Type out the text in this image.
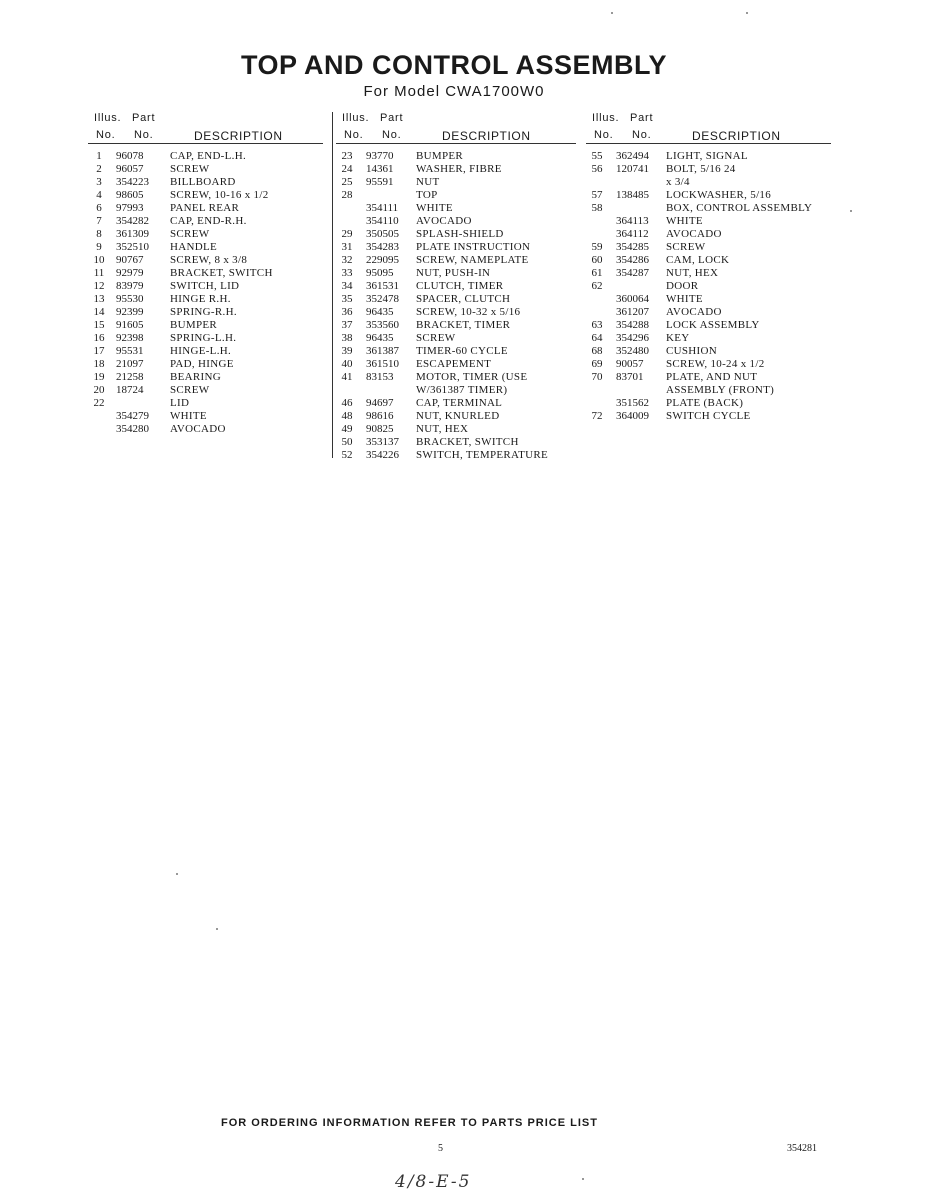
TOP AND CONTROL ASSEMBLY
For Model CWA1700W0
Illus. Part
No. No.	DESCRIPTION
1	96078 CAP, END-L.H.
2	96057 SCREW
3	354223 BILLBOARD
4	98605 SCREW, 10-16 x 1/2
6	97993 PANEL REAR
7	354282 CAP, END-R.H.
8	361309 SCREW
9	352510 HANDLE
10	90767 SCREW, 8 x 3/8
11	92979 BRACKET, SWITCH
12	83979 SWITCH, LID
13	95530 HINGE R.H.
14	92399 SPRING-R.H.
15	91605 BUMPER
16	92398 SPRING-L.H.
17	95531 HINGE-L.H.
18	21097 PAD, HINGE
19	21258 BEARING
20	18724 SCREW
22	LID
354279 WHITE
354280 AVOCADO
Illus. Part
No. No.	DESCRIPTION
23	93770 BUMPER
24	14361 WASHER, FIBRE
25	95591 NUT
28	TOP
354111 WHITE
354110 AVOCADO
29	350505 SPLASH-SHIELD
31	354283 PLATE INSTRUCTION
32	229095 SCREW, NAMEPLATE
33	95095 NUT, PUSH-IN
34	361531 CLUTCH, TIMER
35	352478 SPACER, CLUTCH
36	96435 SCREW, 10-32 x 5/16
37	353560 BRACKET, TIMER
38	96435 SCREW
39	361387 TIMER-60 CYCLE
40	361510 ESCAPEMENT
41	83153 MOTOR, TIMER (USE
W/361387 TIMER)
46	94697 CAP, TERMINAL
48	98616 NUT, KNURLED
49	90825 NUT, HEX
50	353137 BRACKET, SWITCH
52	354226 SWITCH, TEMPERATURE
Illus. Part
No. No.	DESCRIPTION
55	362494 LIGHT, SIGNAL
56	120741 BOLT, 5/16 24
x 3/4
57	138485 LOCKWASHER, 5/16
58	BOX, CONTROL ASSEMBLY
364113 WHITE
364112 AVOCADO
59	354285 SCREW
60	354286 CAM, LOCK
61	354287 NUT, HEX
62	DOOR
360064 WHITE
361207 AVOCADO
63	354288 LOCK ASSEMBLY
64	354296 KEY
68	352480 CUSHION
69	90057 SCREW, 10-24 x 1/2
70	83701 PLATE, AND NUT
ASSEMBLY (FRONT)
351562 PLATE (BACK)
72	364009 SWITCH CYCLE
FOR ORDERING INFORMATION REFER TO PARTS PRICE LIST
5	354281
4/8-E-5
